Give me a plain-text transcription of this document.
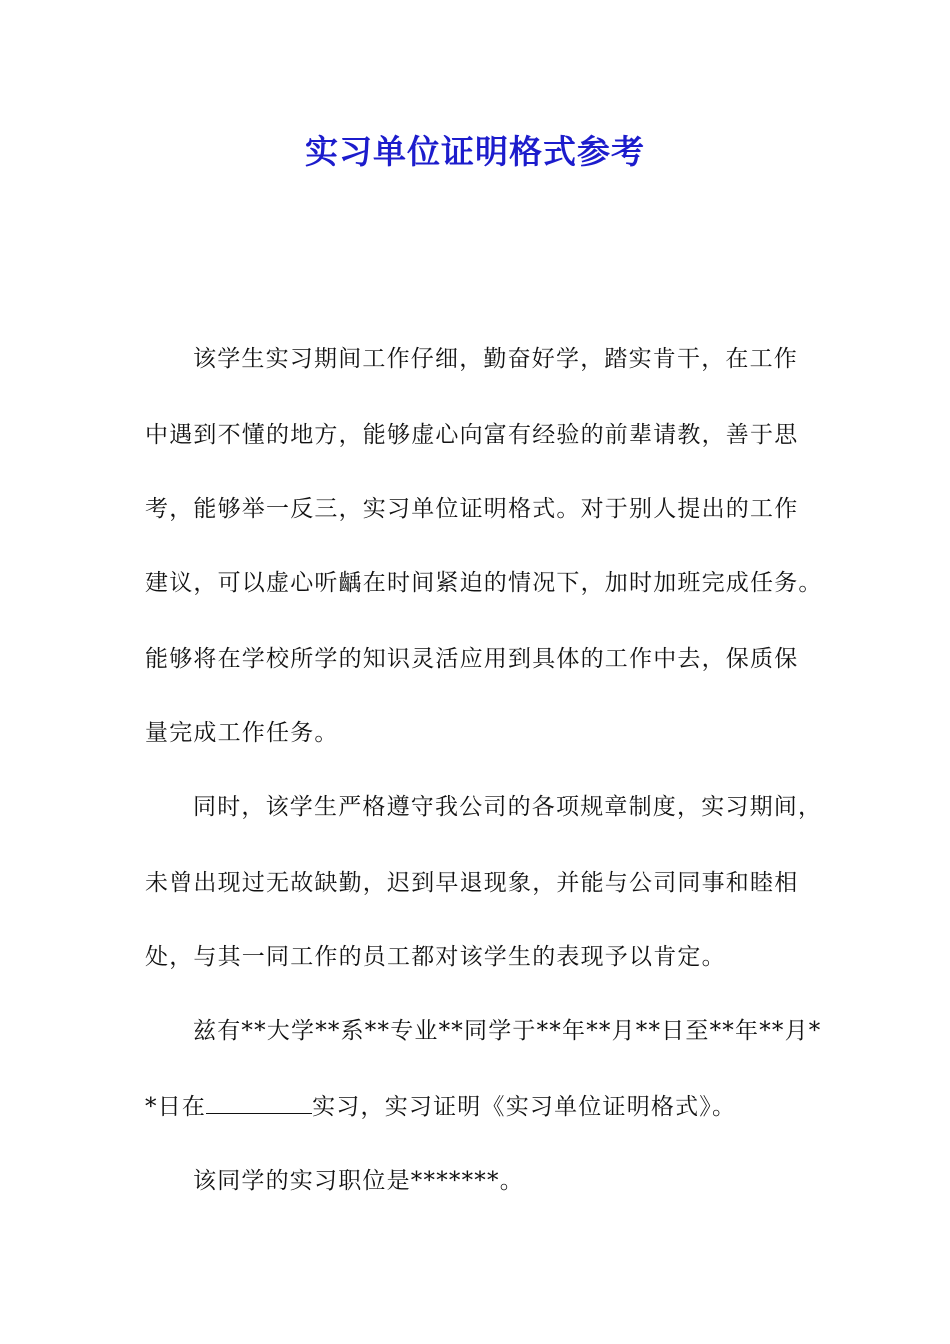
实习单位证明格式参考
该学生实习期间工作仔细，勤奋好学，踏实肯干，在工作
中遇到不懂的地方，能够虚心向富有经验的前辈请教，善于思
考，能够举一反三，实习单位证明格式。对于别人提出的工作
建议，可以虚心听齲在时间紧迫的情况下，加时加班完成任务。
能够将在学校所学的知识灵活应用到具体的工作中去，保质保
量完成工作任务。
同时，该学生严格遵守我公司的各项规章制度，实习期间，
未曾出现过无故缺勤，迟到早退现象，并能与公司同事和睦相
处，与其一同工作的员工都对该学生的表现予以肯定。
兹有**大学**系**专业**同学于**年**月**日至**年**月*
*日在	实习，实习证明《实习单位证明格式》。
该同学的实习职位是*******。
